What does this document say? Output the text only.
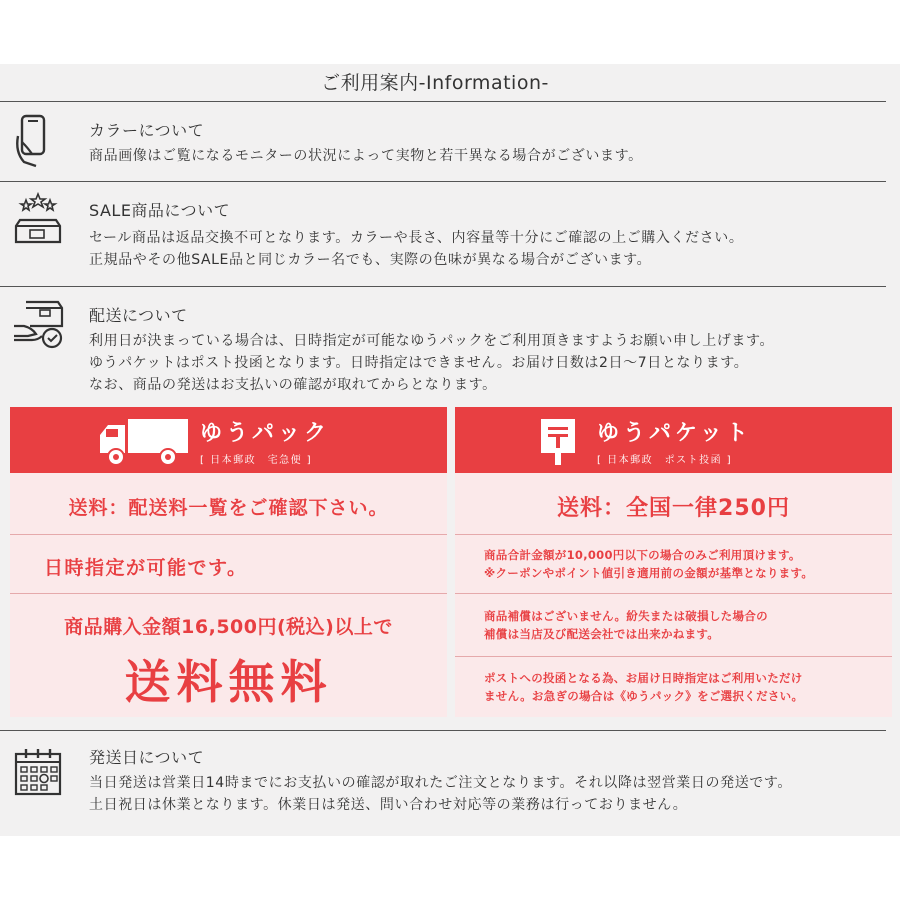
ご利用案内-Information-
カラーについて
商品画像はご覧になるモニターの状況によって実物と若干異なる場合がございます。
SALE商品について
セール商品は返品交換不可となります。カラーや長さ、内容量等十分にご確認の上ご購入ください。
正規品やその他SALE品と同じカラー名でも、実際の色味が異なる場合がございます。
配送について
利用日が決まっている場合は、日時指定が可能なゆうパックをご利用頂きますようお願い申し上げます。
ゆうパケットはポスト投函となります。日時指定はできません。お届け日数は2日～7日となります。
なお、商品の発送はお支払いの確認が取れてからとなります。
ゆうパック
[ 日本郵政　宅急便 ]
送料：配送料一覧をご確認下さい。
日時指定が可能です。
商品購入金額16,500円(税込)以上で
送料無料
ゆうパケット
[ 日本郵政　ポスト投函 ]
送料：全国一律250円
商品合計金額が10,000円以下の場合のみご利用頂けます。
※クーポンやポイント値引き適用前の金額が基準となります。
商品補償はございません。紛失または破損した場合の
補償は当店及び配送会社では出来かねます。
ポストへの投函となる為、お届け日時指定はご利用いただけ
ません。お急ぎの場合は《ゆうパック》をご選択ください。
発送日について
当日発送は営業日14時までにお支払いの確認が取れたご注文となります。それ以降は翌営業日の発送です。
土日祝日は休業となります。休業日は発送、問い合わせ対応等の業務は行っておりません。
